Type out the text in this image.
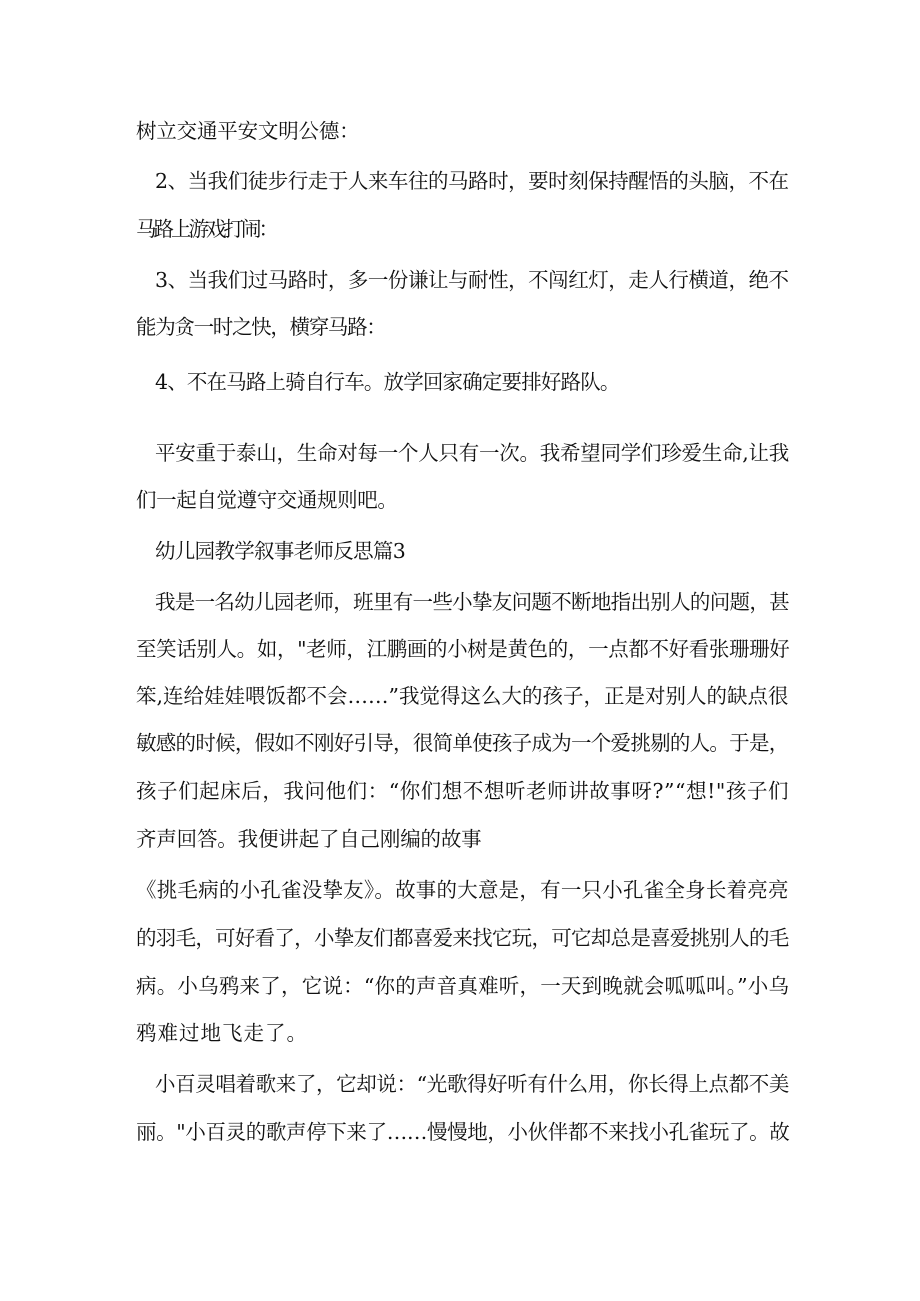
树立交通平安文明公德：
2、当我们徒步行走于人来车往的马路时，要时刻保持醒悟的头脑，不在
马路上游戏打闹：
3、当我们过马路时，多一份谦让与耐性，不闯红灯，走人行横道，绝不
能为贪一时之快，横穿马路：
4、不在马路上骑自行车。放学回家确定要排好路队。
平安重于泰山，生命对每一个人只有一次。我希望同学们珍爱生命,让我
们一起自觉遵守交通规则吧。
幼儿园教学叙事老师反思篇3
我是一名幼儿园老师，班里有一些小挚友问题不断地指出别人的问题，甚
至笑话别人。如，"老师，江鹏画的小树是黄色的，一点都不好看张珊珊好
笨,连给娃娃喂饭都不会……”我觉得这么大的孩子，正是对别人的缺点很
敏感的时候，假如不刚好引导，很简单使孩子成为一个爱挑剔的人。于是，
孩子们起床后，我问他们：“你们想不想听老师讲故事呀?”“想!"孩子们
齐声回答。我便讲起了自己刚编的故事
《挑毛病的小孔雀没挚友》。故事的大意是，有一只小孔雀全身长着亮亮
的羽毛，可好看了，小挚友们都喜爱来找它玩，可它却总是喜爱挑别人的毛
病。小乌鸦来了，它说：“你的声音真难听，一天到晚就会呱呱叫。”小乌
鸦难过地飞走了。
小百灵唱着歌来了，它却说：“光歌得好听有什么用，你长得上点都不美
丽。"小百灵的歌声停下来了……慢慢地，小伙伴都不来找小孔雀玩了。故
